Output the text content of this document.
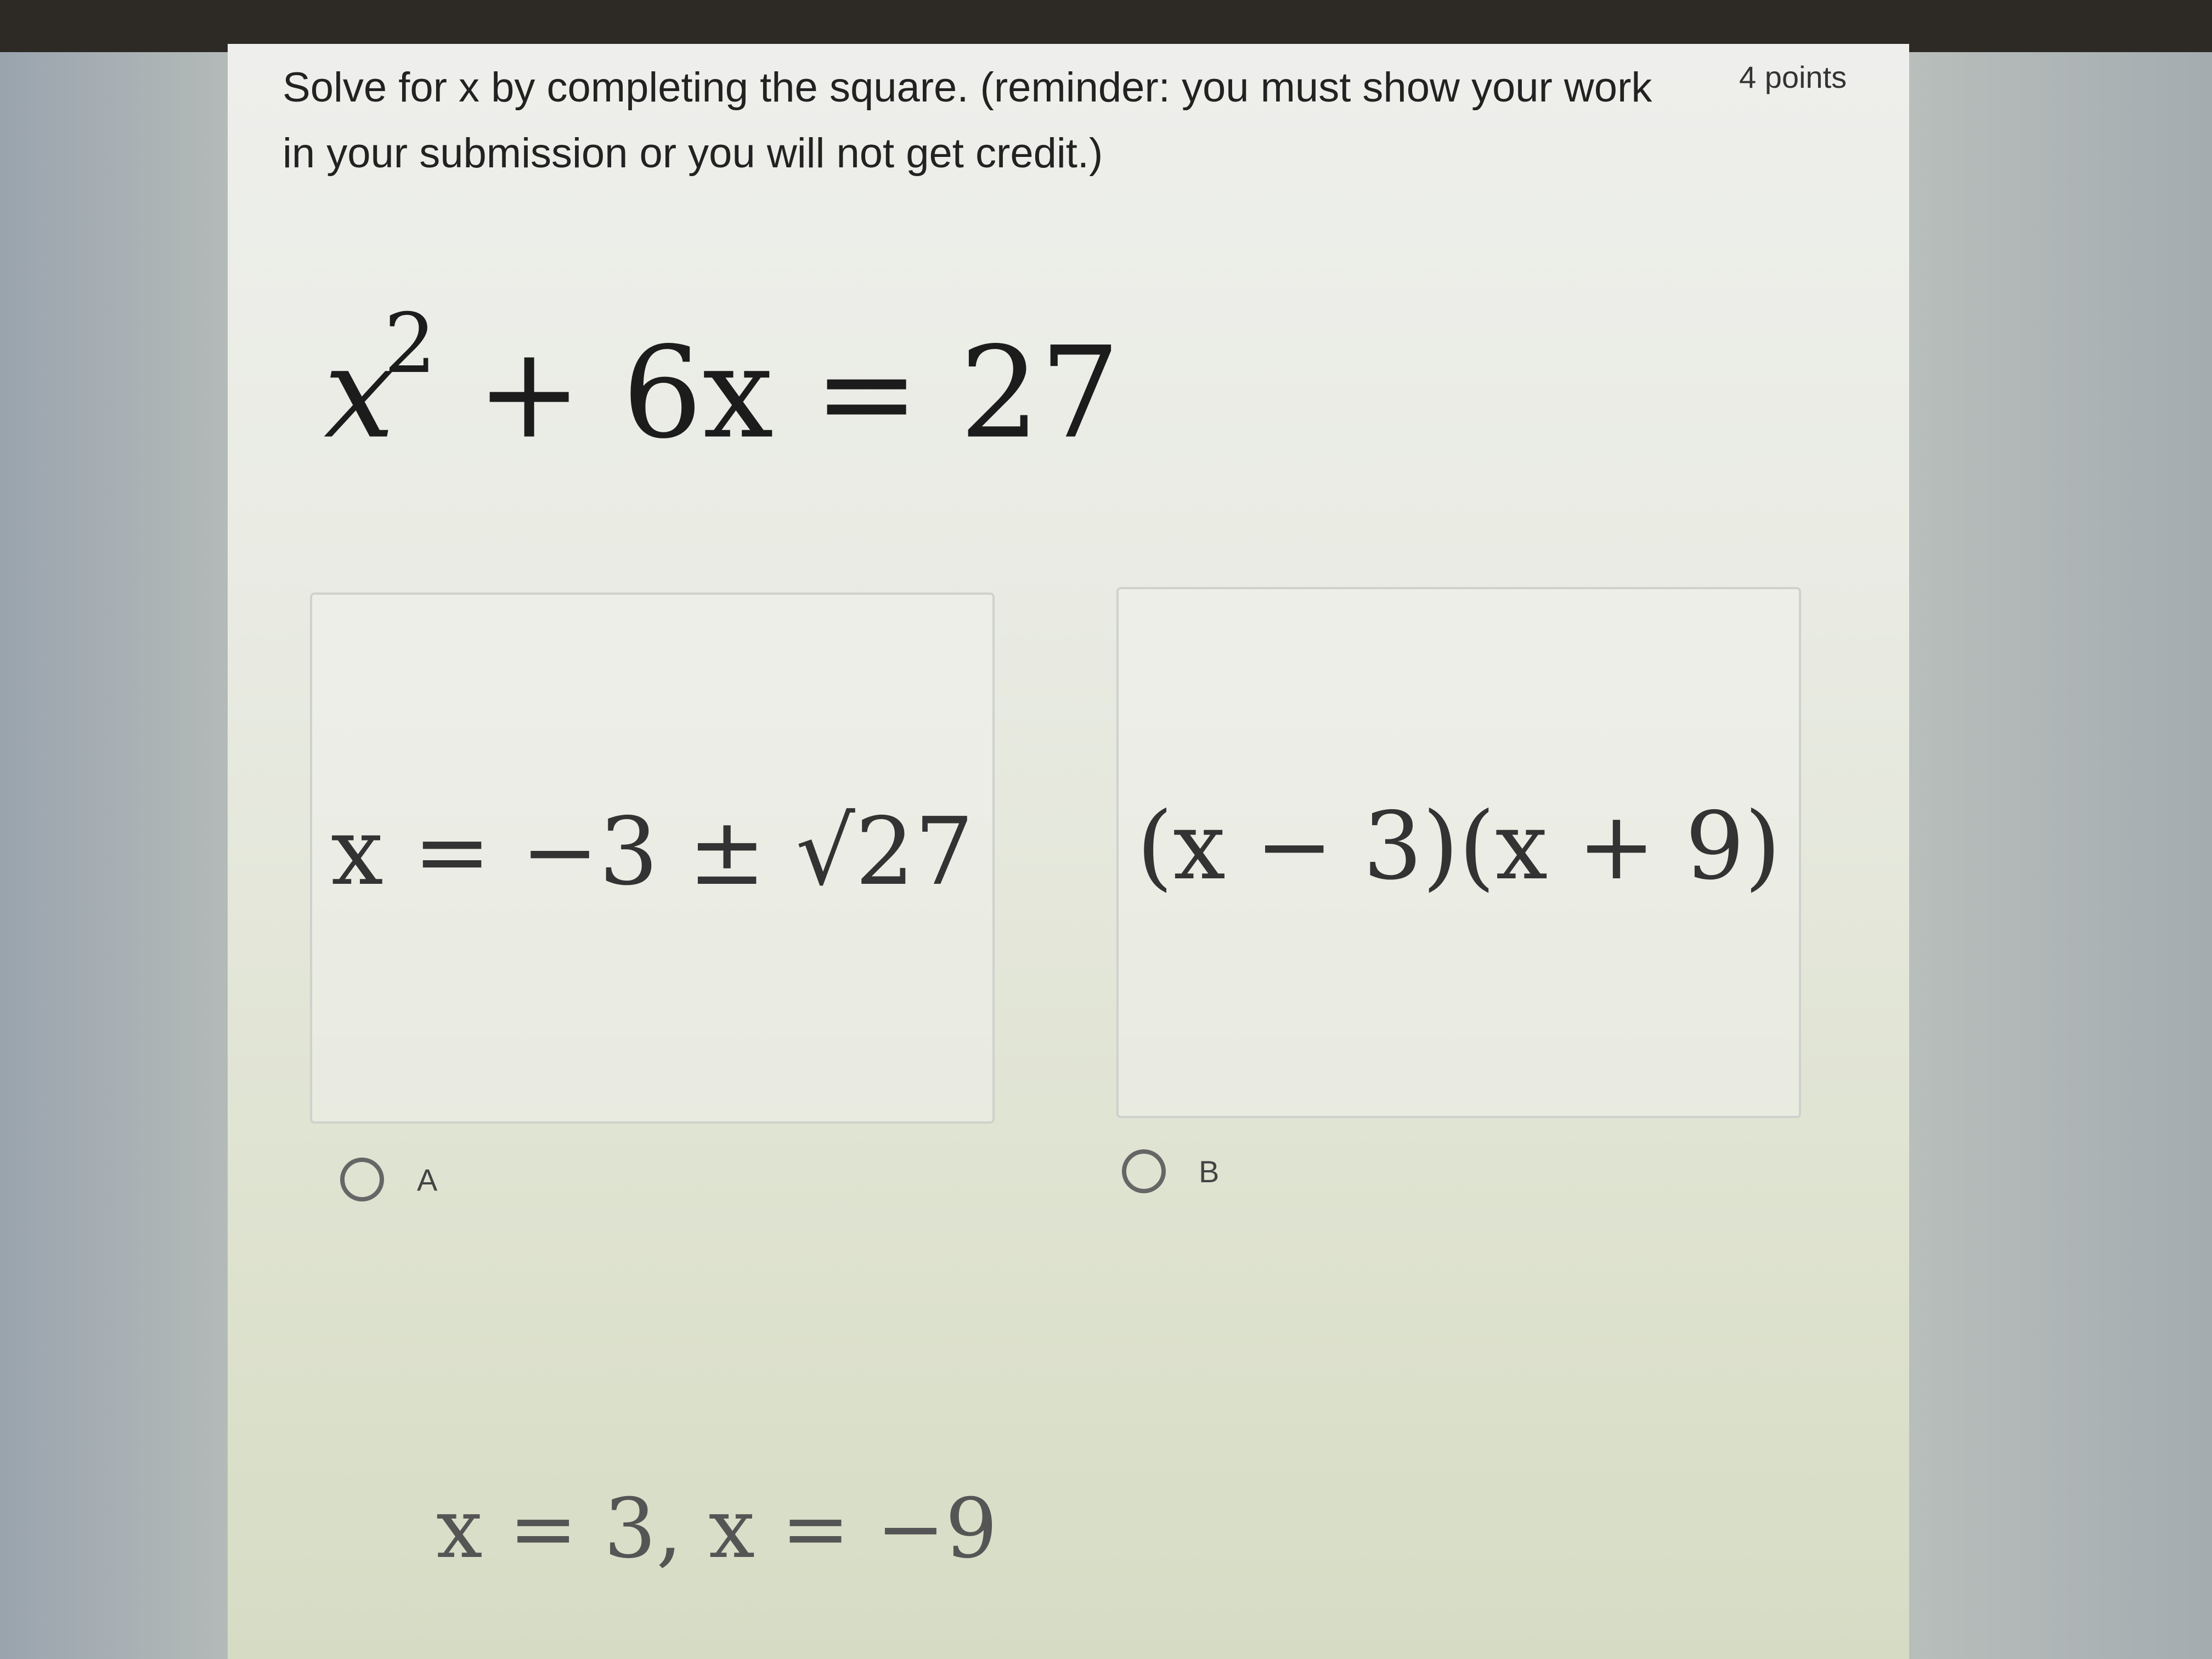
Solve for x by completing the square. (reminder: you must show your work in your submission or you will not get credit.)
4 points
$x^2 + 6x = 27$
x = −3 ± √27 (x − 3)(x + 9)
A	B
x = 3, x = −9
